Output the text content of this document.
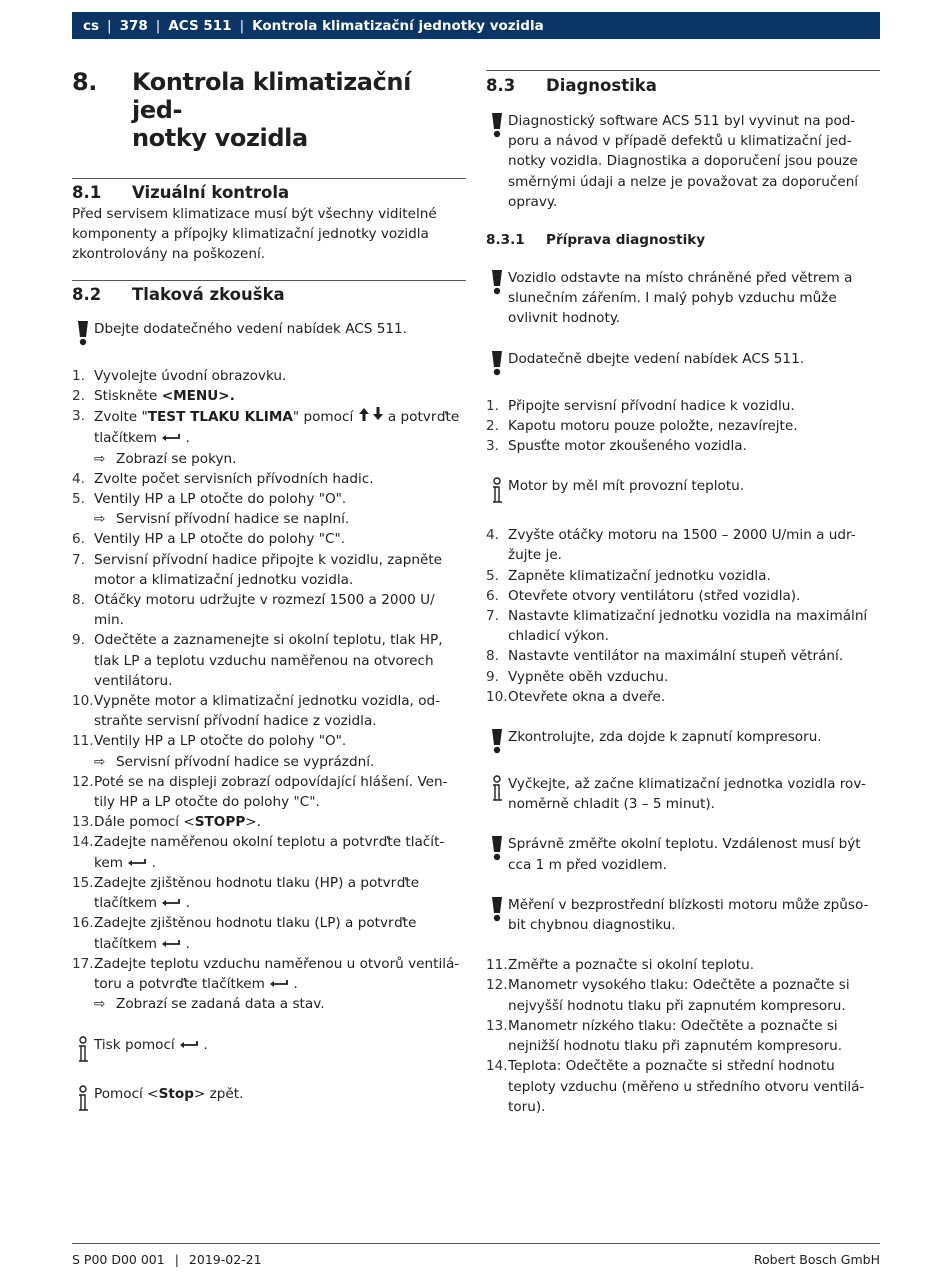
cs | 378 | ACS 511 | Kontrola klimatizační jednotky vozidla
8.	Kontrola klimatizační jed-
notky vozidla
8.1	Vizuální kontrola
Před servisem klimatizace musí být všechny viditelné komponenty a přípojky klimatizační jednotky vozidla zkontrolovány na poškození.
8.2	Tlaková zkouška
Dbejte dodatečného vedení nabídek ACS 511.
1. Vyvolejte úvodní obrazovku.
2. Stiskněte <MENU>.
3. Zvolte "TEST TLAKU KLIMA" pomocí  a potvrďte tlačítkem  .
⇨ Zobrazí se pokyn.
4. Zvolte počet servisních přívodních hadic.
5. Ventily HP a LP otočte do polohy "O".
⇨ Servisní přívodní hadice se naplní.
6. Ventily HP a LP otočte do polohy "C".
7. Servisní přívodní hadice připojte k vozidlu, zapněte motor a klimatizační jednotku vozidla.
8. Otáčky motoru udržujte v rozmezí 1500 a 2000 U/ min.
9. Odečtěte a zaznamenejte si okolní teplotu, tlak HP, tlak LP a teplotu vzduchu naměřenou na otvorech ventilátoru.
10. Vypněte motor a klimatizační jednotku vozidla, od- straňte servisní přívodní hadice z vozidla.
11. Ventily HP a LP otočte do polohy "O".
⇨ Servisní přívodní hadice se vyprázdní.
12. Poté se na displeji zobrazí odpovídající hlášení. Ven- tily HP a LP otočte do polohy "C".
13. Dále pomocí <STOPP>.
14. Zadejte naměřenou okolní teplotu a potvrďte tlačít- kem  .
15. Zadejte zjištěnou hodnotu tlaku (HP) a potvrďte tlačítkem  .
16. Zadejte zjištěnou hodnotu tlaku (LP) a potvrďte tlačítkem  .
17. Zadejte teplotu vzduchu naměřenou u otvorů ventilá- toru a potvrďte tlačítkem  .
⇨ Zobrazí se zadaná data a stav.
Tisk pomocí  .
Pomocí <Stop> zpět.
8.3	Diagnostika
Diagnostický software ACS 511 byl vyvinut na pod- poru a návod v případě defektů u klimatizační jed- notky vozidla. Diagnostika a doporučení jsou pouze směrnými údaji a nelze je považovat za doporučení opravy.
8.3.1	Příprava diagnostiky
Vozidlo odstavte na místo chráněné před větrem a slunečním zářením. I malý pohyb vzduchu může ovlivnit hodnoty.
Dodatečně dbejte vedení nabídek ACS 511.
1. Připojte servisní přívodní hadice k vozidlu.
2. Kapotu motoru pouze položte, nezavírejte.
3. Spusťte motor zkoušeného vozidla.
Motor by měl mít provozní teplotu.
4. Zvyšte otáčky motoru na 1500 – 2000 U/min a udr- žujte je.
5. Zapněte klimatizační jednotku vozidla.
6. Otevřete otvory ventilátoru (střed vozidla).
7. Nastavte klimatizační jednotku vozidla na maximální chladicí výkon.
8. Nastavte ventilátor na maximální stupeň větrání.
9. Vypněte oběh vzduchu.
10. Otevřete okna a dveře.
Zkontrolujte, zda dojde k zapnutí kompresoru.
Vyčkejte, až začne klimatizační jednotka vozidla rov- noměrně chladit (3 – 5 minut).
Správně změřte okolní teplotu. Vzdálenost musí být cca 1 m před vozidlem.
Měření v bezprostřední blízkosti motoru může způso- bit chybnou diagnostiku.
11. Změřte a poznačte si okolní teplotu.
12. Manometr vysokého tlaku: Odečtěte a poznačte si nejvyšší hodnotu tlaku při zapnutém kompresoru.
13. Manometr nízkého tlaku: Odečtěte a poznačte si nejnižší hodnotu tlaku při zapnutém kompresoru.
14. Teplota: Odečtěte a poznačte si střední hodnotu teploty vzduchu (měřeno u středního otvoru ventilá- toru).
S P00 D00 001 | 2019-02-21	Robert Bosch GmbH
